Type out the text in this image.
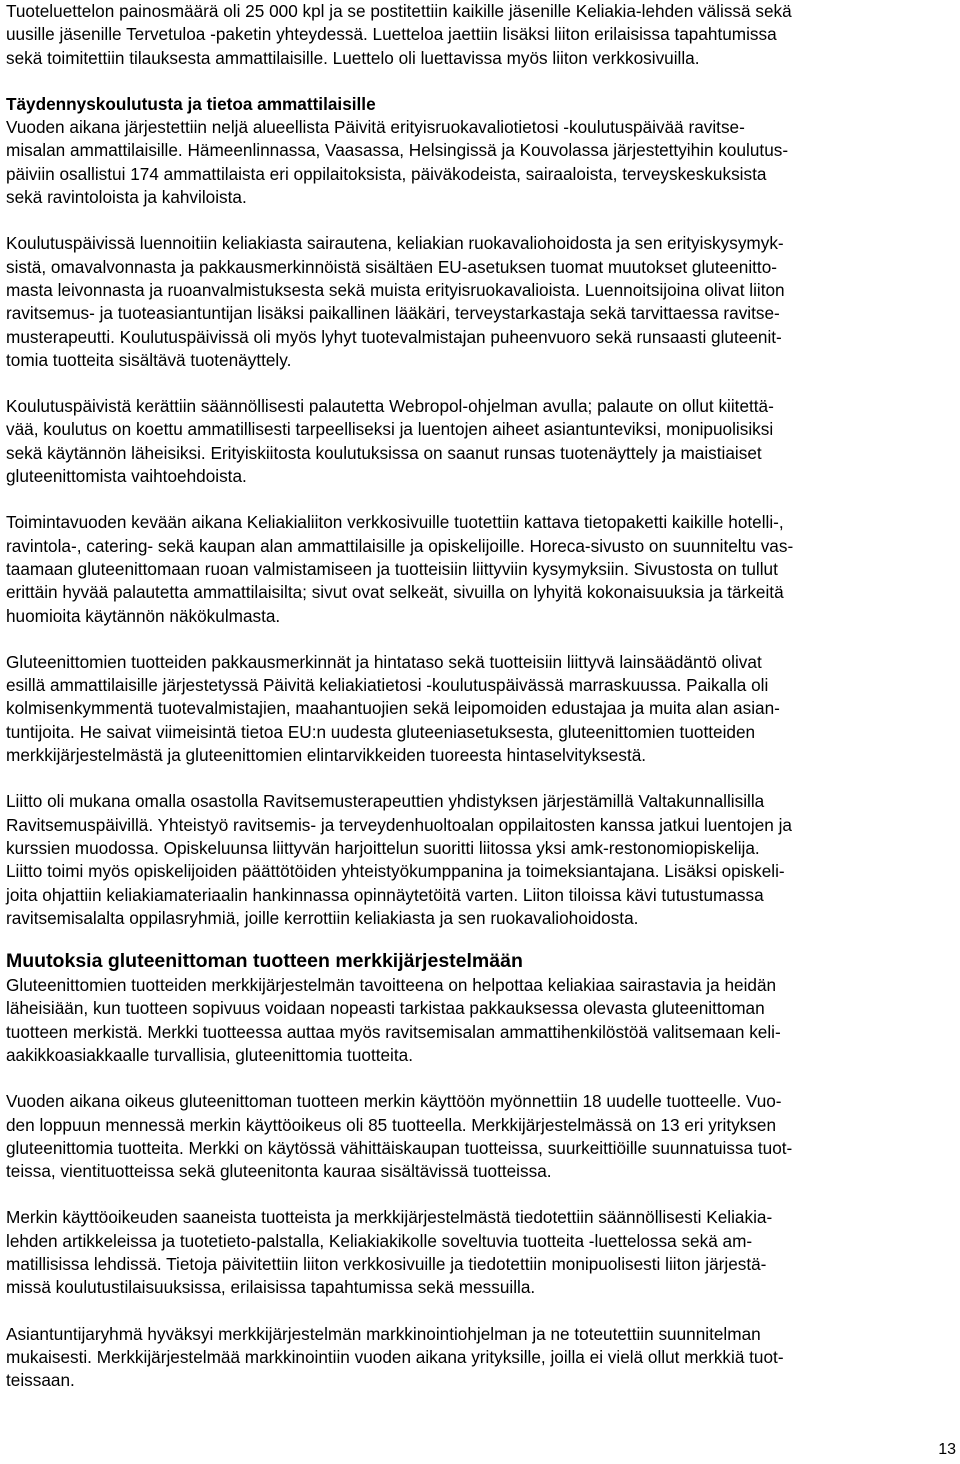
Tuoteluettelon painosmäärä oli 25 000 kpl ja se postitettiin kaikille jäsenille Keliakia-lehden välissä sekä
uusille jäsenille Tervetuloa -paketin yhteydessä. Luetteloa jaettiin lisäksi liiton erilaisissa tapahtumissa
sekä toimitettiin tilauksesta ammattilaisille. Luettelo oli luettavissa myös liiton verkkosivuilla.
Täydennyskoulutusta ja tietoa ammattilaisille
Vuoden aikana järjestettiin neljä alueellista Päivitä erityisruokavaliotietosi -koulutuspäivää ravitse-
misalan ammattilaisille. Hämeenlinnassa, Vaasassa, Helsingissä ja Kouvolassa järjestettyihin koulutus-
päiviin osallistui 174 ammattilaista eri oppilaitoksista, päiväkodeista, sairaaloista, terveyskeskuksista
sekä ravintoloista ja kahviloista.
Koulutuspäivissä luennoitiin keliakiasta sairautena, keliakian ruokavaliohoidosta ja sen erityiskysymyk-
sistä, omavalvonnasta ja pakkausmerkinnöistä sisältäen EU-asetuksen tuomat muutokset gluteenitto-
masta leivonnasta ja ruoanvalmistuksesta sekä muista erityisruokavalioista. Luennoitsijoina olivat liiton
ravitsemus- ja tuoteasiantuntijan lisäksi paikallinen lääkäri, terveystarkastaja sekä tarvittaessa ravitse-
musterapeutti. Koulutuspäivissä oli myös lyhyt tuotevalmistajan puheenvuoro sekä runsaasti gluteenit-
tomia tuotteita sisältävä tuotenäyttely.
Koulutuspäivistä kerättiin säännöllisesti palautetta Webropol-ohjelman avulla; palaute on ollut kiitettä-
vää, koulutus on koettu ammatillisesti tarpeelliseksi ja luentojen aiheet asiantunteviksi, monipuolisiksi
sekä käytännön läheisiksi. Erityiskiitosta koulutuksissa on saanut runsas tuotenäyttely ja maistiaiset
gluteenittomista vaihtoehdoista.
Toimintavuoden kevään aikana Keliakialiiton verkkosivuille tuotettiin kattava tietopaketti kaikille hotelli-,
ravintola-, catering- sekä kaupan alan ammattilaisille ja opiskelijoille. Horeca-sivusto on suunniteltu vas-
taamaan gluteenittomaan ruoan valmistamiseen ja tuotteisiin liittyviin kysymyksiin. Sivustosta on tullut
erittäin hyvää palautetta ammattilaisilta; sivut ovat selkeät, sivuilla on lyhyitä kokonaisuuksia ja tärkeitä
huomioita käytännön näkökulmasta.
Gluteenittomien tuotteiden pakkausmerkinnät ja hintataso sekä tuotteisiin liittyvä lainsäädäntö olivat
esillä ammattilaisille järjestetyssä Päivitä keliakiatietosi -koulutuspäivässä marraskuussa. Paikalla oli
kolmisenkymmentä tuotevalmistajien, maahantuojien sekä leipomoiden edustajaa ja muita alan asian-
tuntijoita. He saivat viimeisintä tietoa EU:n uudesta gluteeniasetuksesta, gluteenittomien tuotteiden
merkkijärjestelmästä ja gluteenittomien elintarvikkeiden tuoreesta hintaselvityksestä.
Liitto oli mukana omalla osastolla Ravitsemusterapeuttien yhdistyksen järjestämillä Valtakunnallisilla
Ravitsemuspäivillä. Yhteistyö ravitsemis- ja terveydenhuoltoalan oppilaitosten kanssa jatkui luentojen ja
kurssien muodossa. Opiskeluunsa liittyvän harjoittelun suoritti liitossa yksi amk-restonomiopiskelija.
Liitto toimi myös opiskelijoiden päättötöiden yhteistyökumppanina ja toimeksiantajana. Lisäksi opiskeli-
joita ohjattiin keliakiamateriaalin hankinnassa opinnäytetöitä varten. Liiton tiloissa kävi tutustumassa
ravitsemisalalta oppilasryhmiä, joille kerrottiin keliakiasta ja sen ruokavaliohoidosta.
Muutoksia gluteenittoman tuotteen merkkijärjestelmään
Gluteenittomien tuotteiden merkkijärjestelmän tavoitteena on helpottaa keliakiaa sairastavia ja heidän
läheisiään, kun tuotteen sopivuus voidaan nopeasti tarkistaa pakkauksessa olevasta gluteenittoman
tuotteen merkistä. Merkki tuotteessa auttaa myös ravitsemisalan ammattihenkilöstöä valitsemaan keli-
aakikkoasiakkaalle turvallisia, gluteenittomia tuotteita.
Vuoden aikana oikeus gluteenittoman tuotteen merkin käyttöön myönnettiin 18 uudelle tuotteelle. Vuo-
den loppuun mennessä merkin käyttöoikeus oli 85 tuotteella. Merkkijärjestelmässä on 13 eri yrityksen
gluteenittomia tuotteita. Merkki on käytössä vähittäiskaupan tuotteissa, suurkeittiöille suunnatuissa tuot-
teissa, vientituotteissa sekä gluteenitonta kauraa sisältävissä tuotteissa.
Merkin käyttöoikeuden saaneista tuotteista ja merkkijärjestelmästä tiedotettiin säännöllisesti Keliakia-
lehden artikkeleissa ja tuotetieto-palstalla, Keliakiakikolle soveltuvia tuotteita -luettelossa sekä am-
matillisissa lehdissä. Tietoja päivitettiin liiton verkkosivuille ja tiedotettiin monipuolisesti liiton järjestä-
missä koulutustilaisuuksissa, erilaisissa tapahtumissa sekä messuilla.
Asiantuntijaryhmä hyväksyi merkkijärjestelmän markkinointiohjelman ja ne toteutettiin suunnitelman
mukaisesti. Merkkijärjestelmää markkinointiin vuoden aikana yrityksille, joilla ei vielä ollut merkkiä tuot-
teissaan.
13
